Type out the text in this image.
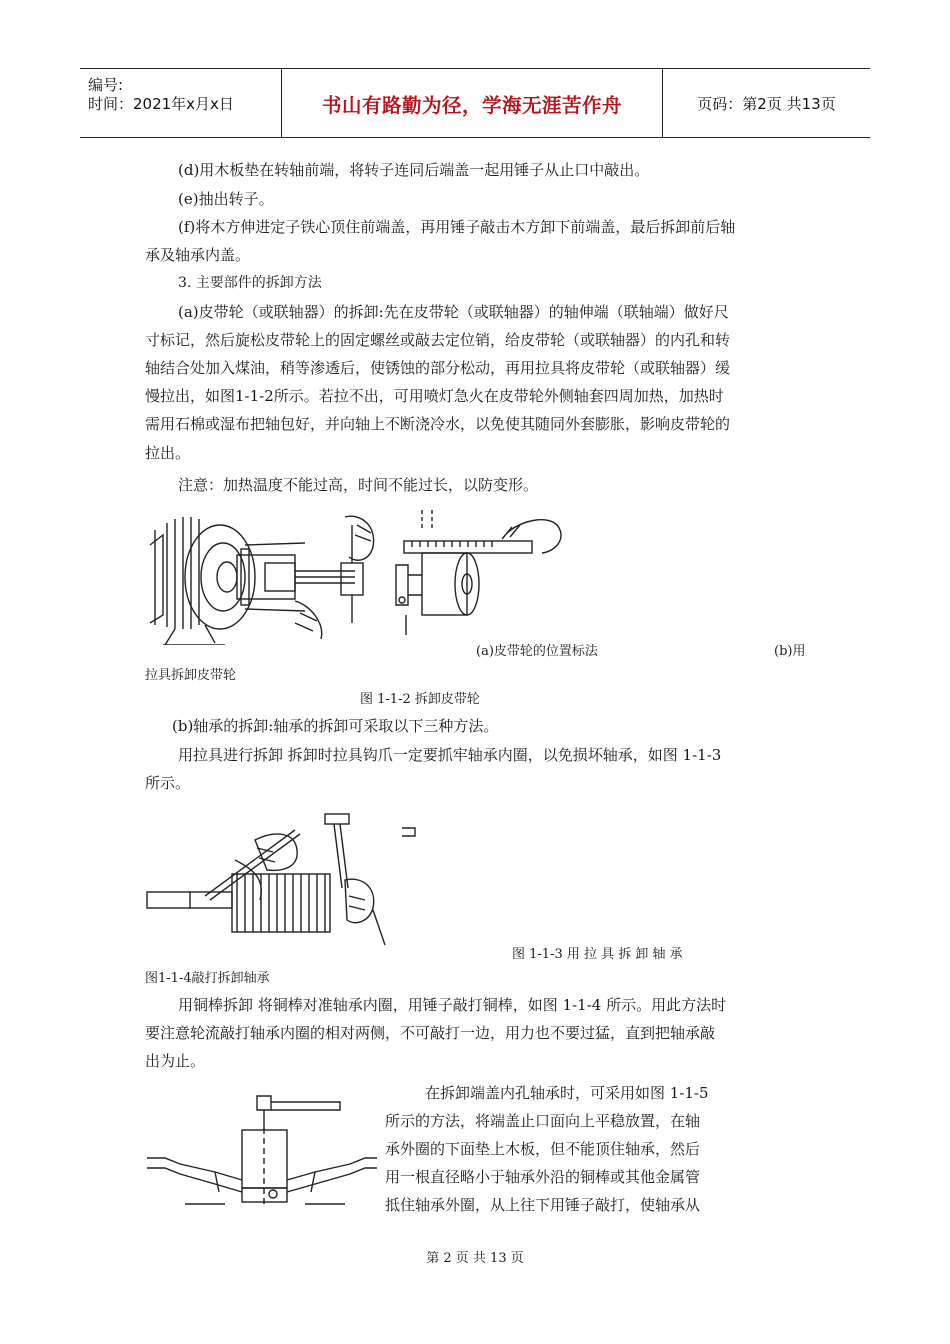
编号:
时间：2021年x月x日	书山有路勤为径，学海无涯苦作舟	页码：第2页 共13页
(d)用木板垫在转轴前端，将转子连同后端盖一起用锤子从止口中敲出。
(e)抽出转子。
(f)将木方伸进定子铁心顶住前端盖，再用锤子敲击木方卸下前端盖，最后拆卸前后轴
承及轴承内盖。
3. 主要部件的拆卸方法
(a)皮带轮（或联轴器）的拆卸:先在皮带轮（或联轴器）的轴伸端（联轴端）做好尺
寸标记，然后旋松皮带轮上的固定螺丝或敲去定位销，给皮带轮（或联轴器）的内孔和转
轴结合处加入煤油，稍等渗透后，使锈蚀的部分松动，再用拉具将皮带轮（或联轴器）缓
慢拉出，如图1-1-2所示。若拉不出，可用喷灯急火在皮带轮外侧轴套四周加热，加热时
需用石棉或湿布把轴包好，并向轴上不断浇冷水，以免使其随同外套膨胀，影响皮带轮的
拉出。
注意：加热温度不能过高，时间不能过长，以防变形。
(a)皮带轮的位置标法	(b)用
拉具拆卸皮带轮
图 1-1-2 拆卸皮带轮
(b)轴承的拆卸:轴承的拆卸可采取以下三种方法。
用拉具进行拆卸 拆卸时拉具钩爪一定要抓牢轴承内圈，以免损坏轴承，如图 1-1-3
所示。
图 1-1-3 用 拉 具 拆 卸 轴 承
图1-1-4敲打拆卸轴承
用铜棒拆卸 将铜棒对准轴承内圈，用锤子敲打铜棒，如图 1-1-4 所示。用此方法时
要注意轮流敲打轴承内圈的相对两侧，不可敲打一边，用力也不要过猛，直到把轴承敲
出为止。
在拆卸端盖内孔轴承时，可采用如图 1-1-5
所示的方法，将端盖止口面向上平稳放置，在轴
承外圈的下面垫上木板，但不能顶住轴承，然后
用一根直径略小于轴承外沿的铜棒或其他金属管
抵住轴承外圈，从上往下用锤子敲打，使轴承从
第 2 页 共 13 页
